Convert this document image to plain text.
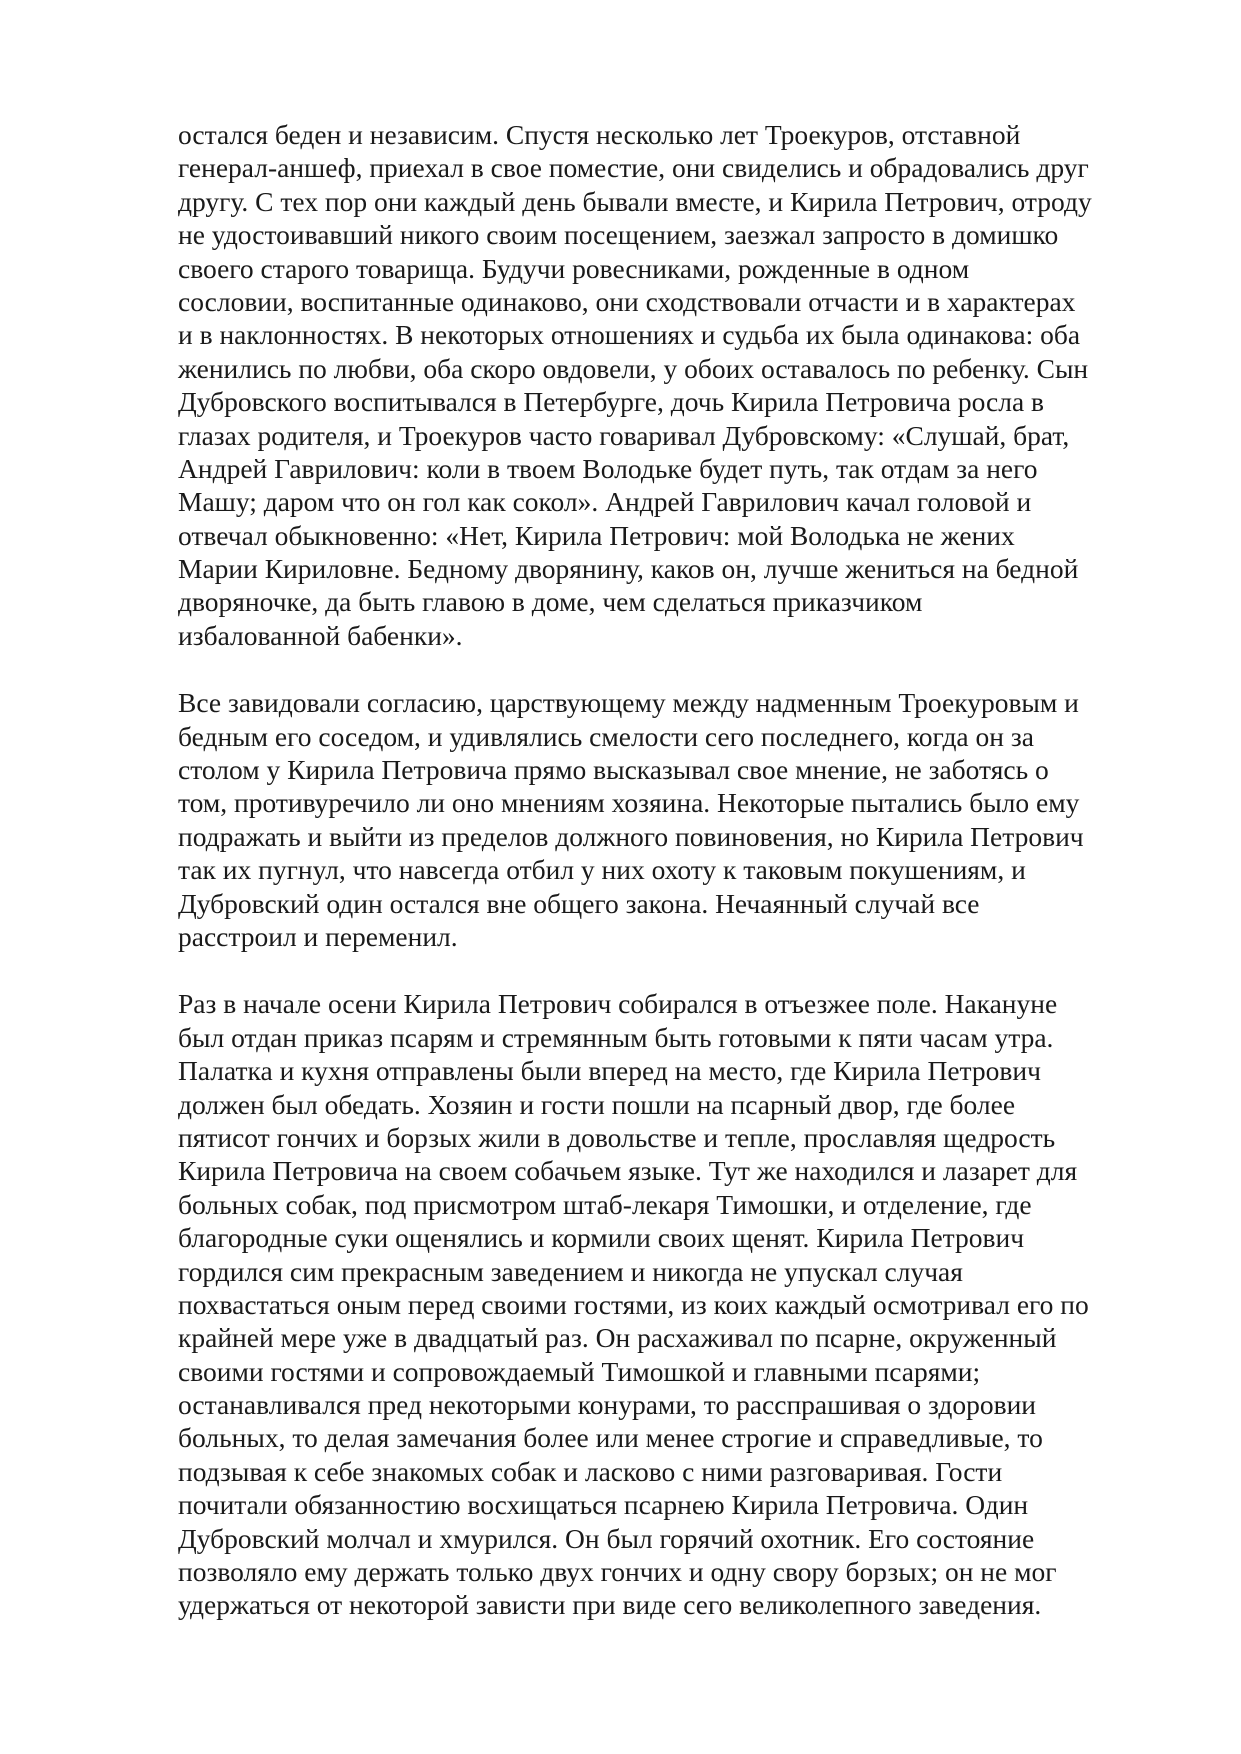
остался беден и независим. Спустя несколько лет Троекуров, отставной
генерал-аншеф, приехал в свое поместие, они свиделись и обрадовались друг
другу. С тех пор они каждый день бывали вместе, и Кирила Петрович, отроду
не удостоивавший никого своим посещением, заезжал запросто в домишко
своего старого товарища. Будучи ровесниками, рожденные в одном
сословии, воспитанные одинаково, они сходствовали отчасти и в характерах
и в наклонностях. В некоторых отношениях и судьба их была одинакова: оба
женились по любви, оба скоро овдовели, у обоих оставалось по ребенку. Сын
Дубровского воспитывался в Петербурге, дочь Кирила Петровича росла в
глазах родителя, и Троекуров часто говаривал Дубровскому: «Слушай, брат,
Андрей Гаврилович: коли в твоем Володьке будет путь, так отдам за него
Машу; даром что он гол как сокол». Андрей Гаврилович качал головой и
отвечал обыкновенно: «Нет, Кирила Петрович: мой Володька не жених
Марии Кириловне. Бедному дворянину, каков он, лучше жениться на бедной
дворяночке, да быть главою в доме, чем сделаться приказчиком
избалованной бабенки».

Все завидовали согласию, царствующему между надменным Троекуровым и
бедным его соседом, и удивлялись смелости сего последнего, когда он за
столом у Кирила Петровича прямо высказывал свое мнение, не заботясь о
том, противуречило ли оно мнениям хозяина. Некоторые пытались было ему
подражать и выйти из пределов должного повиновения, но Кирила Петрович
так их пугнул, что навсегда отбил у них охоту к таковым покушениям, и
Дубровский один остался вне общего закона. Нечаянный случай все
расстроил и переменил.

Раз в начале осени Кирила Петрович собирался в отъезжее поле. Накануне
был отдан приказ псарям и стремянным быть готовыми к пяти часам утра.
Палатка и кухня отправлены были вперед на место, где Кирила Петрович
должен был обедать. Хозяин и гости пошли на псарный двор, где более
пятисот гончих и борзых жили в довольстве и тепле, прославляя щедрость
Кирила Петровича на своем собачьем языке. Тут же находился и лазарет для
больных собак, под присмотром штаб-лекаря Тимошки, и отделение, где
благородные суки ощенялись и кормили своих щенят. Кирила Петрович
гордился сим прекрасным заведением и никогда не упускал случая
похвастаться оным перед своими гостями, из коих каждый осмотривал его по
крайней мере уже в двадцатый раз. Он расхаживал по псарне, окруженный
своими гостями и сопровождаемый Тимошкой и главными псарями;
останавливался пред некоторыми конурами, то расспрашивая о здоровии
больных, то делая замечания более или менее строгие и справедливые, то
подзывая к себе знакомых собак и ласково с ними разговаривая. Гости
почитали обязанностию восхищаться псарнею Кирила Петровича. Один
Дубровский молчал и хмурился. Он был горячий охотник. Его состояние
позволяло ему держать только двух гончих и одну свору борзых; он не мог
удержаться от некоторой зависти при виде сего великолепного заведения.
